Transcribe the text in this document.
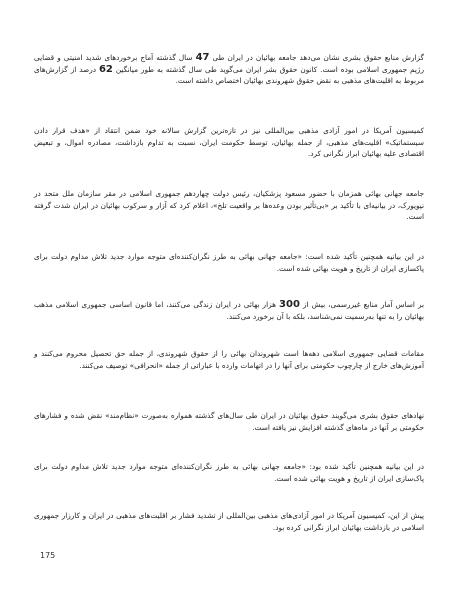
گزارش منابع حقوق بشری نشان می‌دهد جامعه بهائیان در ایران طی 47 سال گذشته آماج برخوردهای شدید امنیتی و قضایی رژیم جمهوری اسلامی بوده است. کانون حقوق بشر ایران می‌گوید طی سال گذشته به طور میانگین 62 درصد از گزارش‌های مربوط به اقلیت‌های مذهبی به نقض حقوق شهروندی بهائیان اختصاص داشته است.

کمیسیون آمریکا در امور آزادی مذهبی بین‌المللی نیز در تازه‌ترین گزارش سالانه خود ضمن انتقاد از «هدف قرار دادن سیستماتیک» اقلیت‌های مذهبی، از جمله بهائیان، توسط حکومت ایران، نسبت به تداوم بازداشت، مصادره اموال، و تبعیض اقتصادی علیه بهائیان ابراز نگرانی کرد.

جامعه جهانی بهائی همزمان با حضور مسعود پزشکیان، رئیس دولت چهاردهم جمهوری اسلامی در مقر سازمان ملل متحد در نیویورک، در بیانیه‌ای با تأکید بر «بی‌تأثیر بودن وعده‌ها بر واقعیت تلخ»، اعلام کرد که آزار و سرکوب بهائیان در ایران شدت گرفته است.

در این بیانیه همچنین تأکید شده است: «جامعه جهانی بهائی به طرز نگران‌کننده‌ای متوجه موارد جدید تلاش مداوم دولت برای پاکسازی ایران از تاریخ و هویت بهائی شده است.

بر اساس آمار منابع غیررسمی، بیش از 300 هزار بهائی در ایران زندگی می‌کنند، اما قانون اساسی جمهوری اسلامی مذهب بهائیان را به تنها به‌رسمیت نمی‌شناسد، بلکه با آن برخورد می‌کنند.

مقامات قضایی جمهوری اسلامی دهه‌ها است شهروندان بهائی را از حقوق شهروندی، از جمله حق تحصیل محروم می‌کنند و آموزش‌های خارج از چارچوب حکومتی برای آنها را در اتهامات وارده با عباراتی از جمله «انحرافی» توصیف می‌کنند.

نهادهای حقوق بشری می‌گویند حقوق بهائیان در ایران طی سال‌های گذشته همواره به‌صورت «نظام‌مند» نقض شده و فشارهای حکومتی بر آنها در ماه‌های گذشته افزایش نیز یافته است.

در این بیانیه همچنین تأکید شده بود: «جامعه جهانی بهائی به طرز نگران‌کننده‌ای متوجه موارد جدید تلاش مداوم دولت برای پاک‌سازی ایران از تاریخ و هویت بهائی شده است.

پیش از این، کمیسیون آمریکا در امور آزادی‌های مذهبی بین‌المللی از تشدید فشار بر اقلیت‌های مذهبی در ایران و کارزار جمهوری اسلامی در بازداشت بهائیان ابراز نگرانی کرده بود.

175
